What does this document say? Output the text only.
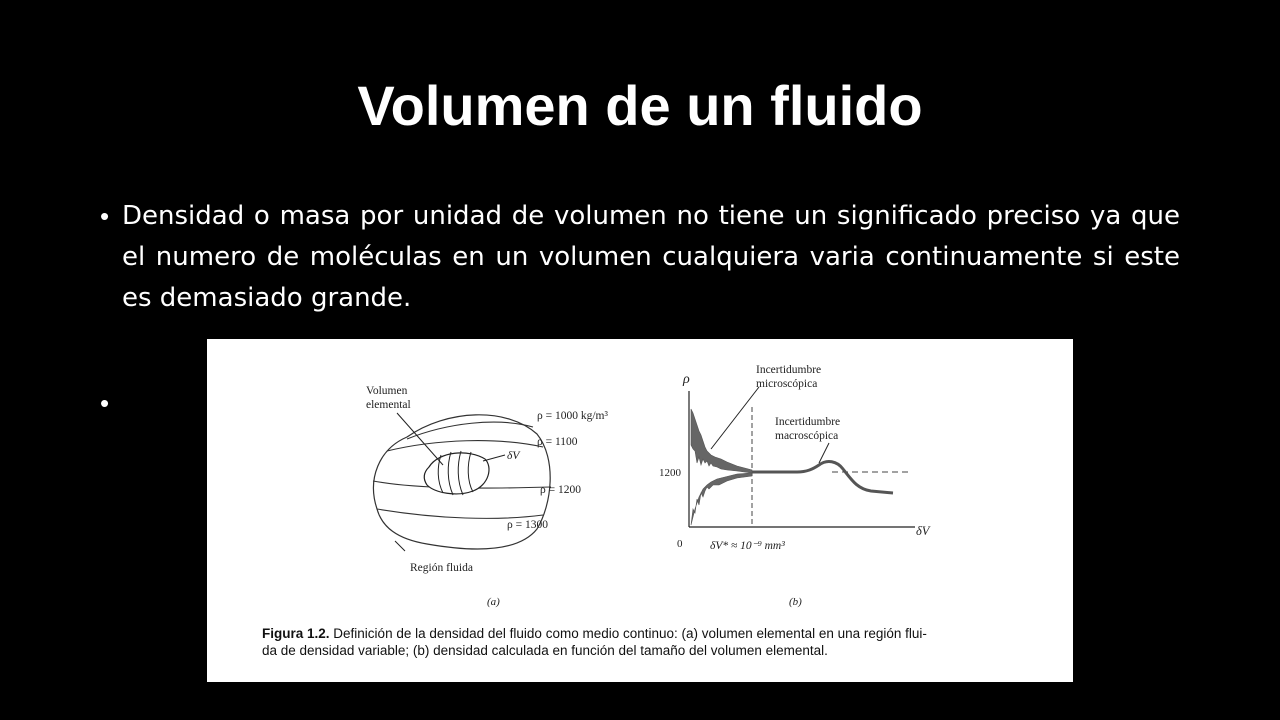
Volumen de un fluido
• Densidad o masa por unidad de volumen no tiene un significado preciso ya que el numero de moléculas en un volumen cualquiera varia continuamente si este es demasiado grande.
•	Volumen
elemental
ρ = 1000 kg/m³
ρ = 1100
δV
ρ = 1200
ρ = 1300
Región fluida
(a)
ρ
1200
0 δV* ≈ 10⁻⁹ mm³
δV
Incertidumbre
microscópica
Incertidumbre
macroscópica
(b)
Figura 1.2. Definición de la densidad del fluido como medio continuo: (a) volumen elemental en una región flui-
da de densidad variable; (b) densidad calculada en función del tamaño del volumen elemental.
